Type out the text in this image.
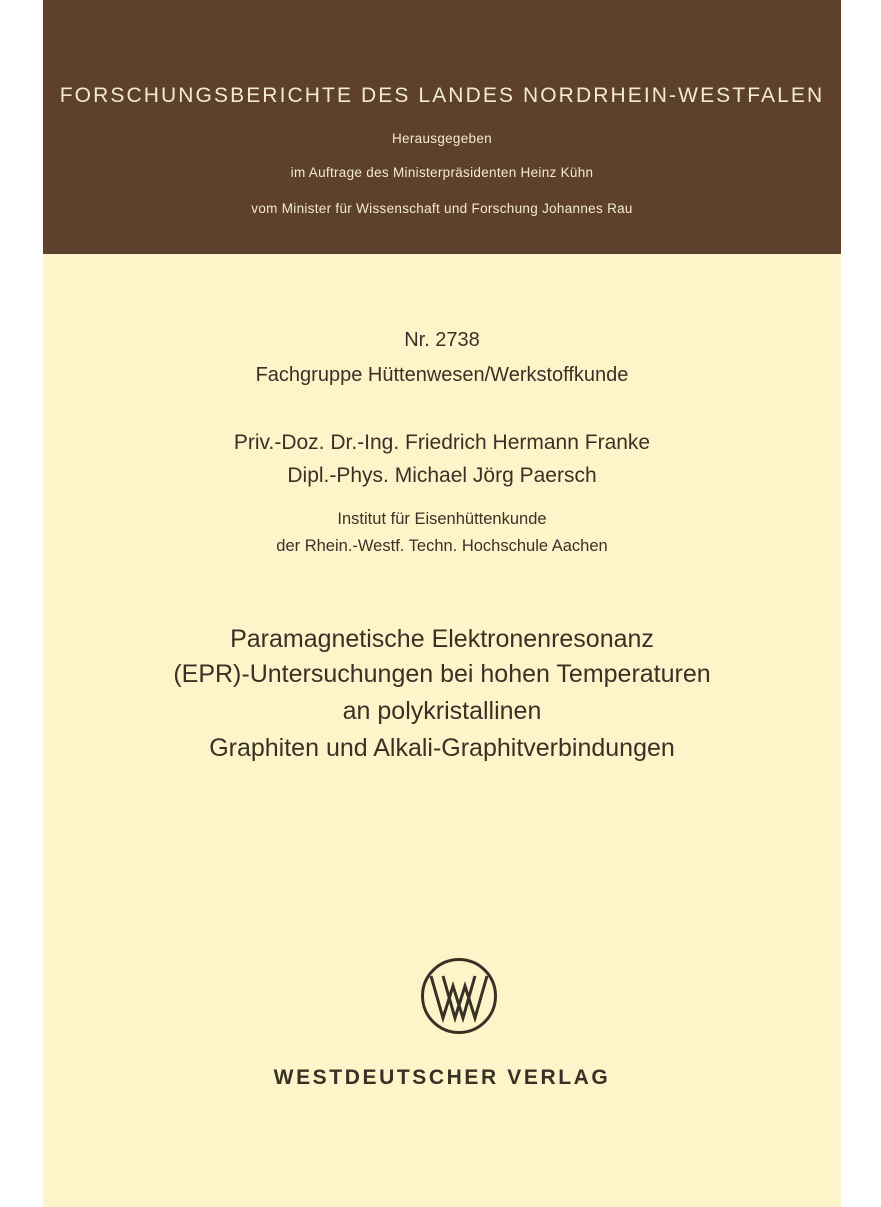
FORSCHUNGSBERICHTE DES LANDES NORDRHEIN-WESTFALEN
Herausgegeben
im Auftrage des Ministerpräsidenten Heinz Kühn
vom Minister für Wissenschaft und Forschung Johannes Rau
Nr. 2738
Fachgruppe Hüttenwesen/Werkstoffkunde
Priv.-Doz. Dr.-Ing. Friedrich Hermann Franke
Dipl.-Phys. Michael Jörg Paersch
Institut für Eisenhüttenkunde
der Rhein.-Westf. Techn. Hochschule Aachen
Paramagnetische Elektronenresonanz
(EPR)-Untersuchungen bei hohen Temperaturen
an polykristallinen
Graphiten und Alkali-Graphitverbindungen
WESTDEUTSCHER VERLAG
